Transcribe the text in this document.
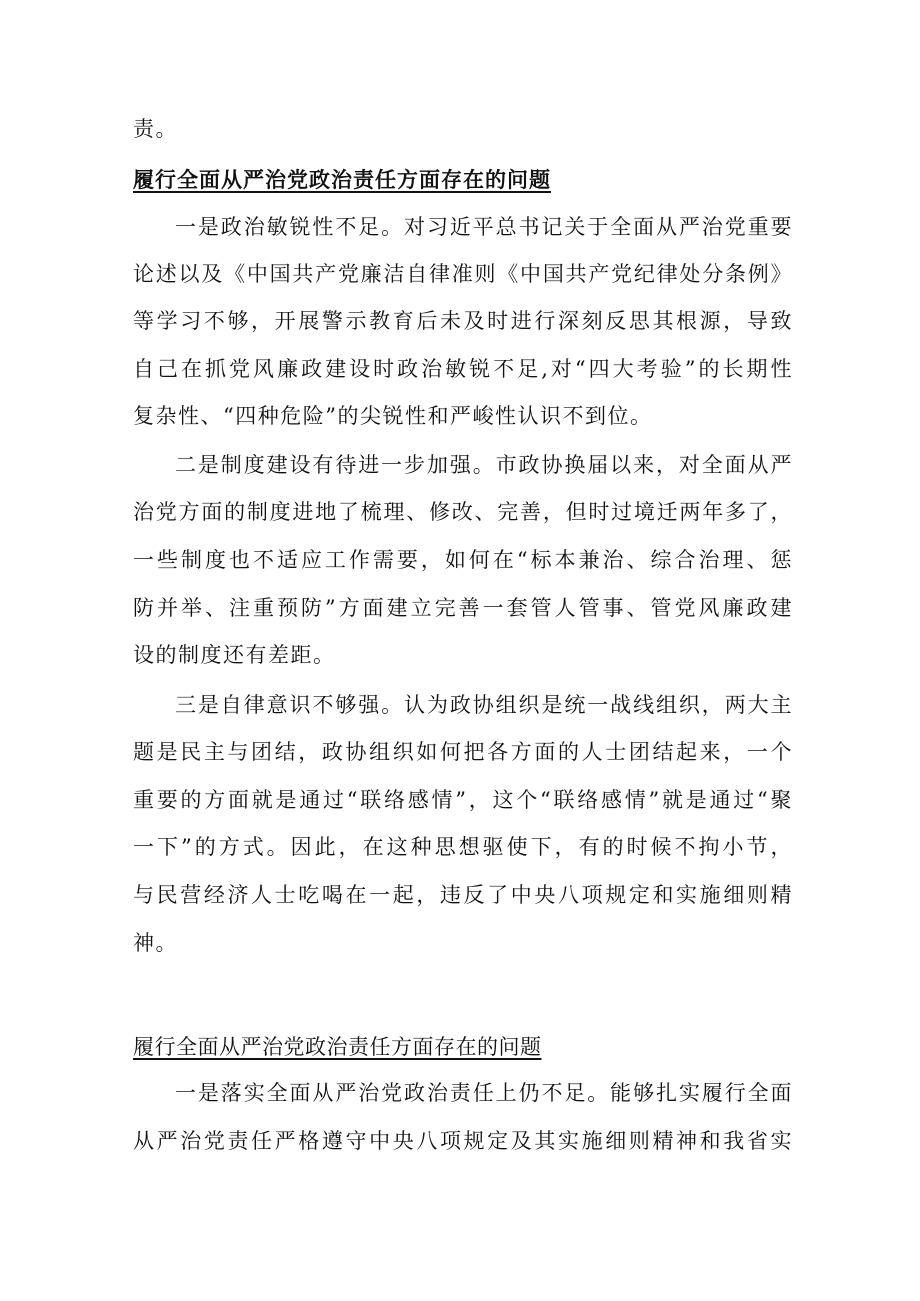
责。
履行全面从严治党政治责任方面存在的问题
一是政治敏锐性不足。对习近平总书记关于全面从严治党重要
论述以及《中国共产党廉洁自律准则《中国共产党纪律处分条例》
等学习不够，开展警示教育后未及时进行深刻反思其根源，导致
自己在抓党风廉政建设时政治敏锐不足,对“四大考验”的长期性
复杂性、“四种危险”的尖锐性和严峻性认识不到位。
二是制度建设有待进一步加强。市政协换届以来，对全面从严
治党方面的制度进地了梳理、修改、完善，但时过境迁两年多了，
一些制度也不适应工作需要，如何在“标本兼治、综合治理、惩
防并举、注重预防”方面建立完善一套管人管事、管党风廉政建
设的制度还有差距。
三是自律意识不够强。认为政协组织是统一战线组织，两大主
题是民主与团结，政协组织如何把各方面的人士团结起来，一个
重要的方面就是通过“联络感情”，这个“联络感情”就是通过“聚
一下”的方式。因此，在这种思想驱使下，有的时候不拘小节，
与民营经济人士吃喝在一起，违反了中央八项规定和实施细则精
神。
履行全面从严治党政治责任方面存在的问题
一是落实全面从严治党政治责任上仍不足。能够扎实履行全面
从严治党责任严格遵守中央八项规定及其实施细则精神和我省实
